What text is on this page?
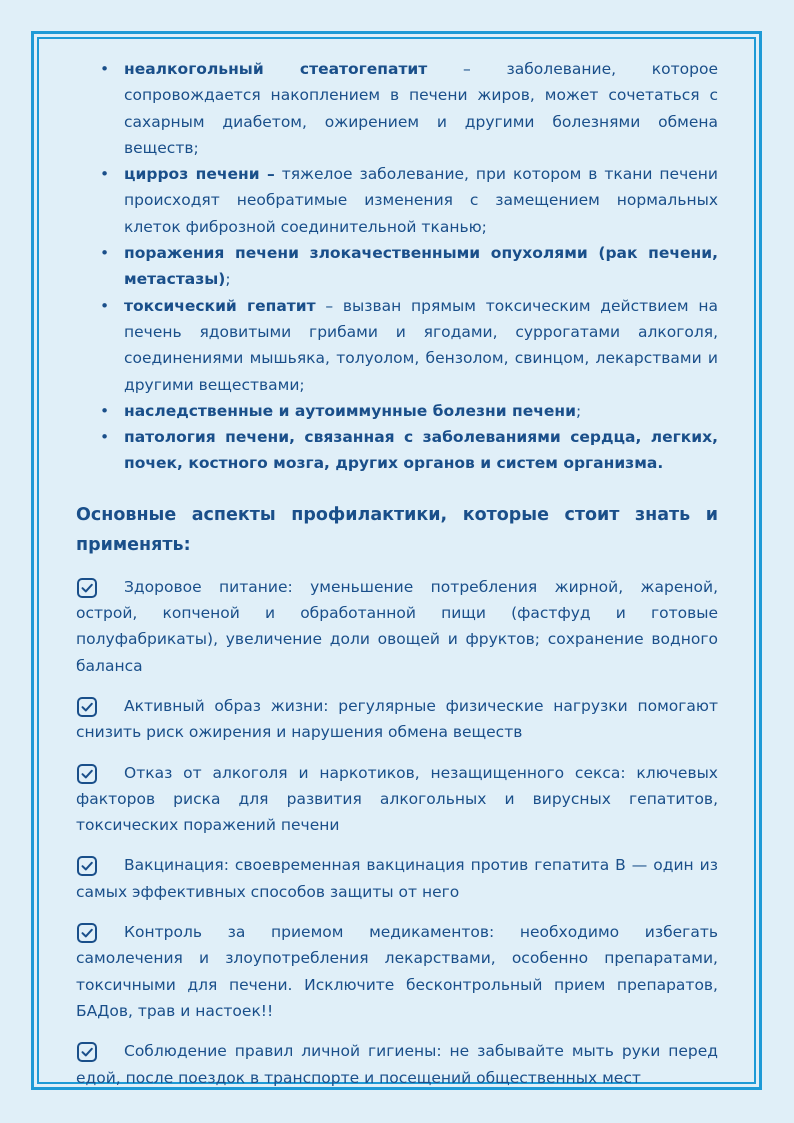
• неалкогольный стеатогепатит – заболевание, которое сопровождается накоплением в печени жиров, может сочетаться с сахарным диабетом, ожирением и другими болезнями обмена веществ;
• цирроз печени – тяжелое заболевание, при котором в ткани печени происходят необратимые изменения с замещением нормальных клеток фиброзной соединительной тканью;
• поражения печени злокачественными опухолями (рак печени, метастазы);
• токсический гепатит – вызван прямым токсическим действием на печень ядовитыми грибами и ягодами, суррогатами алкоголя, соединениями мышьяка, толуолом, бензолом, свинцом, лекарствами и другими веществами;
• наследственные и аутоиммунные болезни печени;
• патология печени, связанная с заболеваниями сердца, легких, почек, костного мозга, других органов и систем организма.
Основные аспекты профилактики, которые стоит знать и применять:
Здоровое питание: уменьшение потребления жирной, жареной, острой, копченой и обработанной пищи (фастфуд и готовые полуфабрикаты), увеличение доли овощей и фруктов; сохранение водного баланса
Активный образ жизни: регулярные физические нагрузки помогают снизить риск ожирения и нарушения обмена веществ
Отказ от алкоголя и наркотиков, незащищенного секса: ключевых факторов риска для развития алкогольных и вирусных гепатитов, токсических поражений печени
Вакцинация: своевременная вакцинация против гепатита В — один из самых эффективных способов защиты от него
Контроль за приемом медикаментов: необходимо избегать самолечения и злоупотребления лекарствами, особенно препаратами, токсичными для печени. Исключите бесконтрольный прием препаратов, БАДов, трав и настоек!!
Соблюдение правил личной гигиены: не забывайте мыть руки перед едой, после поездок в транспорте и посещений общественных мест
